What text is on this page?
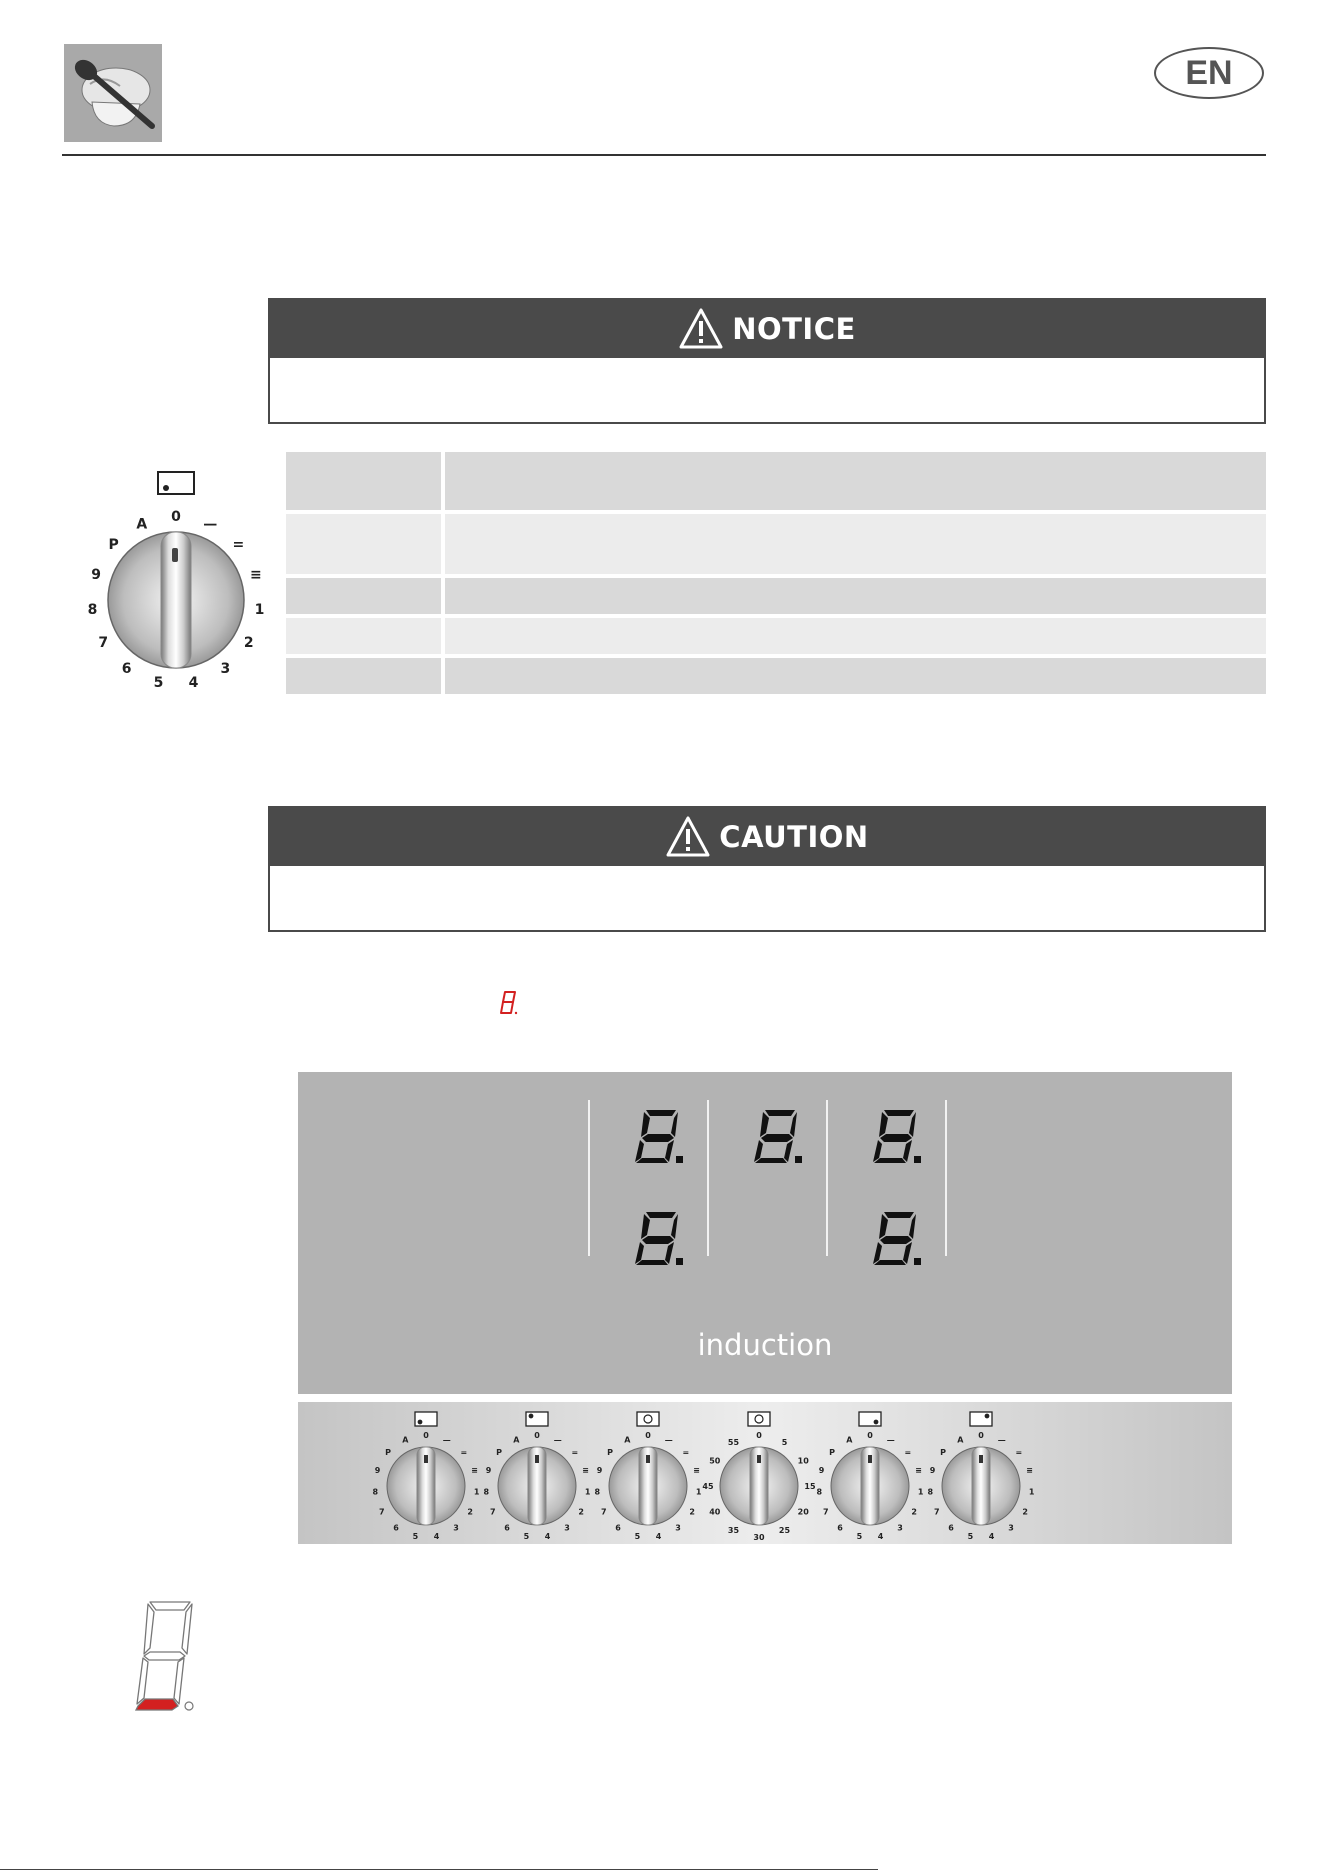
EN
NOTICE
0 —
=
≡
1
2
3
4
5
6
7
8
9
P
A
CAUTION
induction
0 —
=
≡
1
2
3
4
5
6
7
8
9
P
A	0 —
=
≡
1
2
3
4
5
6
7
8
9
P
A	0 —
=
≡
1
2
3
4
5
6
7
8
9
P
A	0
5
10
15
20
25
30
35
40
45
50
55
0 —
=
≡
1
2
3
4
5
6
7
8
9
P
A	0 —
=
≡
1
2
3
4
5
6
7
8
9
P
A
